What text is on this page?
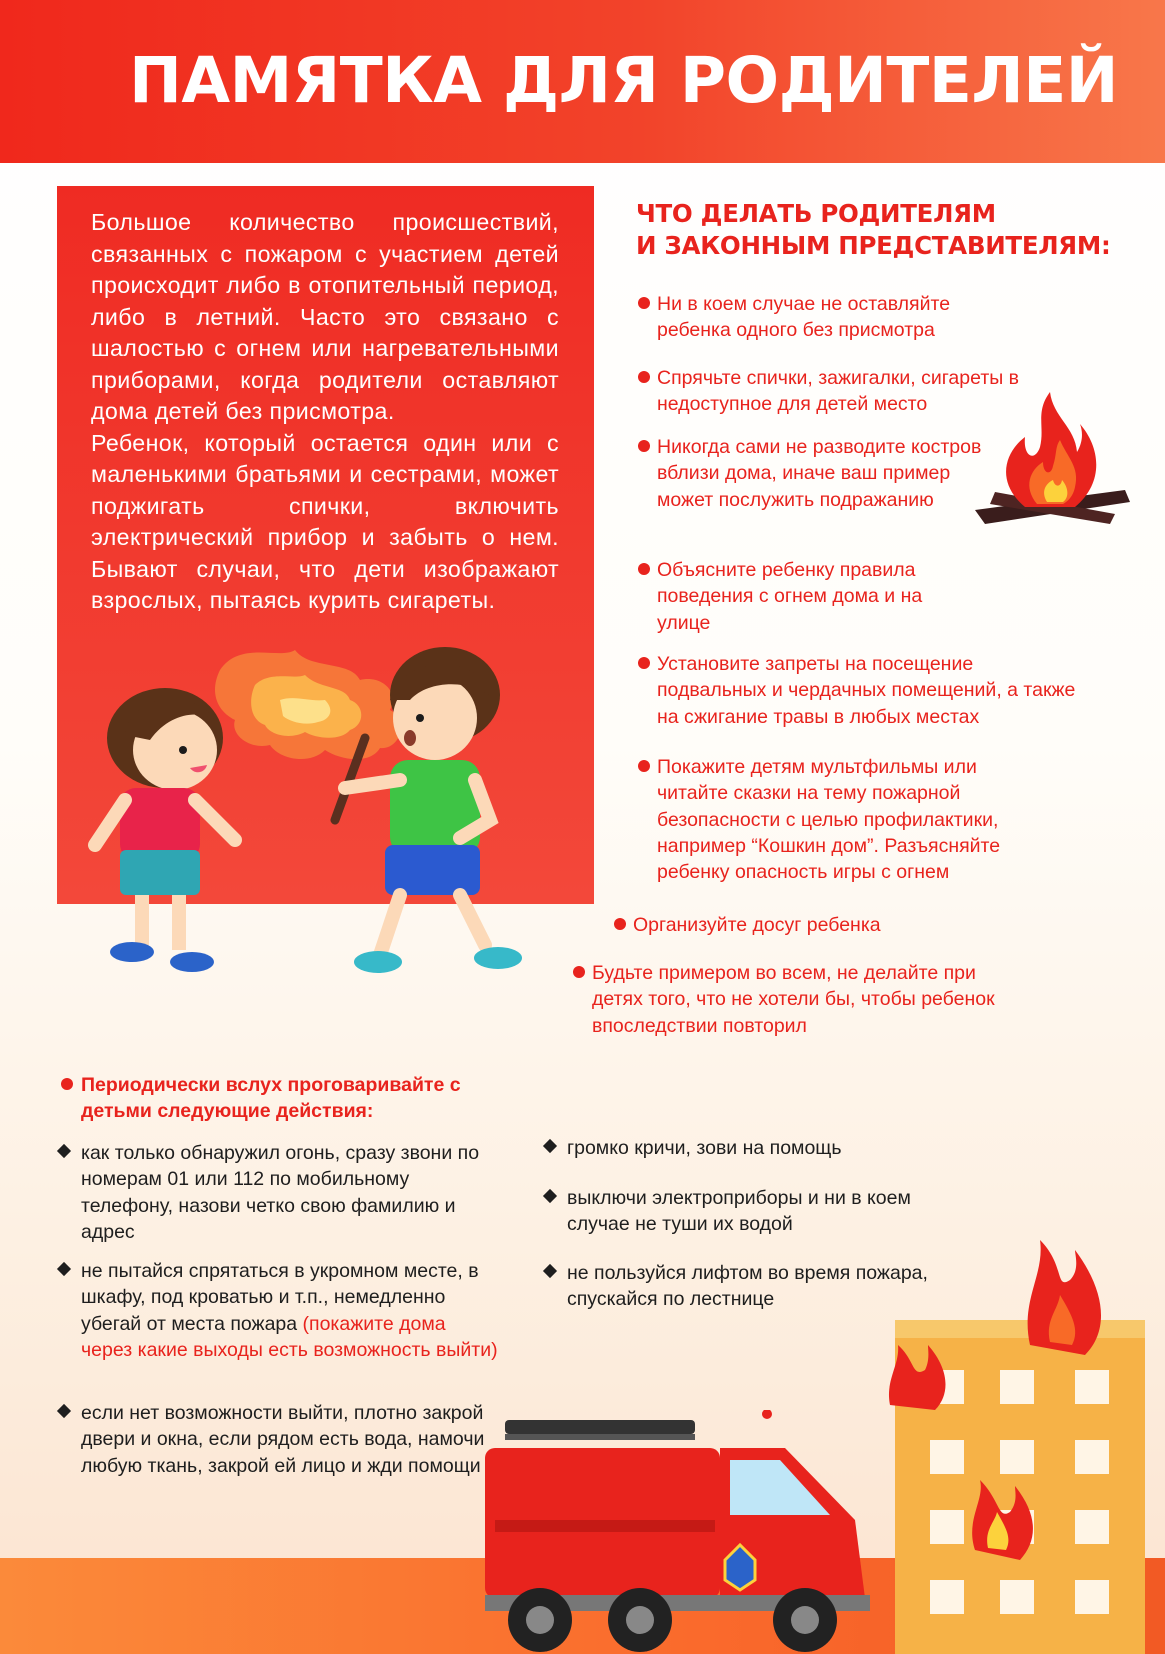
ПАМЯТКА ДЛЯ РОДИТЕЛЕЙ

Большое количество происшествий, связанных с пожаром с участием детей происходит либо в отопительный период, либо в летний. Часто это связано с шалостью с огнем или нагревательными приборами, когда родители оставляют дома детей без присмотра.

Ребенок, который остается один или с маленькими братьями и сестрами, может поджигать спички, включить электрический прибор и забыть о нем. Бывают случаи, что дети изображают взрослых, пытаясь курить сигареты.

ЧТО ДЕЛАТЬ РОДИТЕЛЯМ
И ЗАКОННЫМ ПРЕДСТАВИТЕЛЯМ:
Ни в коем случае не оставляйте ребенка одного без присмотра
Спрячьте спички, зажигалки, сигареты в недоступное для детей место
Никогда сами не разводите костров вблизи дома, иначе ваш пример может послужить подражанию
Объясните ребенку правила поведения с огнем дома и на улице
Установите запреты на посещение подвальных и чердачных помещений, а также на сжигание травы в любых местах
Покажите детям мультфильмы или читайте сказки на тему пожарной безопасности с целью профилактики, например “Кошкин дом”. Разъясняйте ребенку опасность игры с огнем
Организуйте досуг ребенка
Будьте примером во всем, не делайте при детях того, что не хотели бы, чтобы ребенок впоследствии повторил
Периодически вслух проговаривайте с детьми следующие действия:
как только обнаружил огонь, сразу звони по номерам 01 или 112 по мобильному телефону, назови четко свою фамилию и адрес
не пытайся спрятаться в укромном месте, в шкафу, под кроватью и т.п., немедленно убегай от места пожара (покажите дома через какие выходы есть возможность выйти)
если нет возможности выйти, плотно закрой двери и окна, если рядом есть вода, намочи любую ткань, закрой ей лицо и жди помощи
громко кричи, зови на помощь
выключи электроприборы и ни в коем случае не туши их водой
не пользуйся лифтом во время пожара, спускайся по лестнице
